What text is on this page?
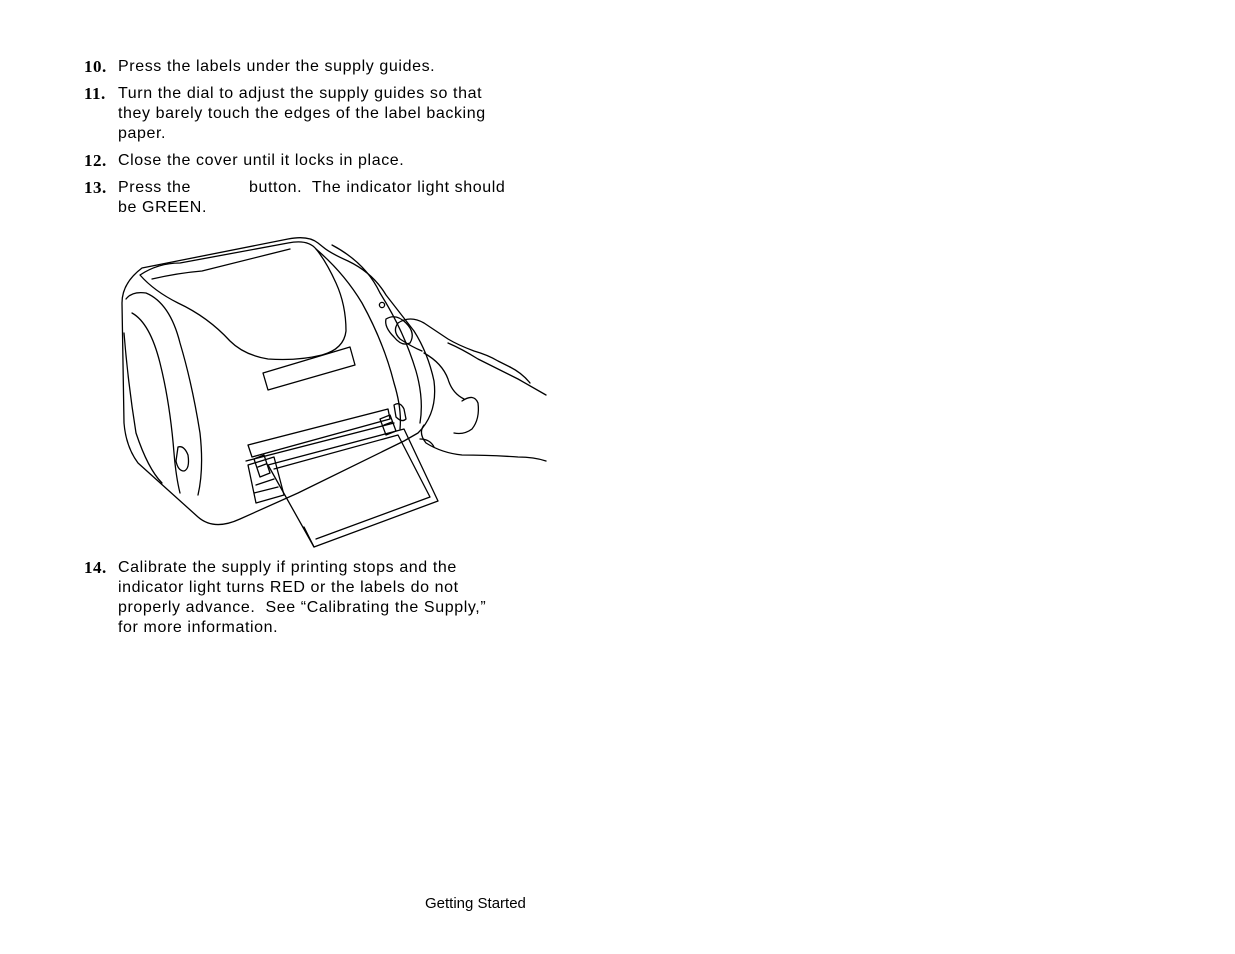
10. Press the labels under the supply guides.
11. Turn the dial to adjust the supply guides so that
they barely touch the edges of the label backing
paper.
12. Close the cover until it locks in place.
13. Press the	button.  The indicator light should
be GREEN.
14. Calibrate the supply if printing stops and the
indicator light turns RED or the labels do not
properly advance.  See “Calibrating the Supply,”
for more information.
Getting Started
